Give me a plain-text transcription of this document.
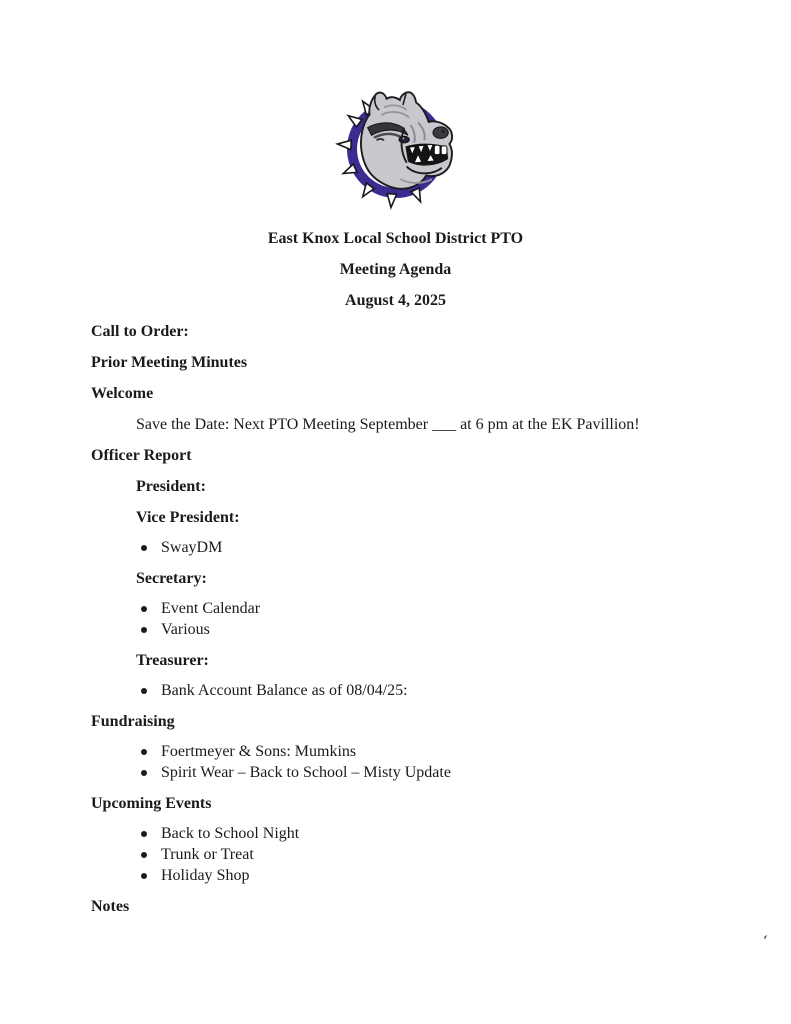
East Knox Local School District PTO

Meeting Agenda

August 4, 2025

Call to Order:

Prior Meeting Minutes

Welcome

Save the Date: Next PTO Meeting September ___ at 6 pm at the EK Pavillion!

Officer Report

President:

Vice President:

SwayDM

Secretary:

Event Calendar
Various

Treasurer:

Bank Account Balance as of 08/04/25:

Fundraising

Foertmeyer & Sons: Mumkins
Spirit Wear – Back to School – Misty Update

Upcoming Events

Back to School Night
Trunk or Treat
Holiday Shop

Notes

ʻ
